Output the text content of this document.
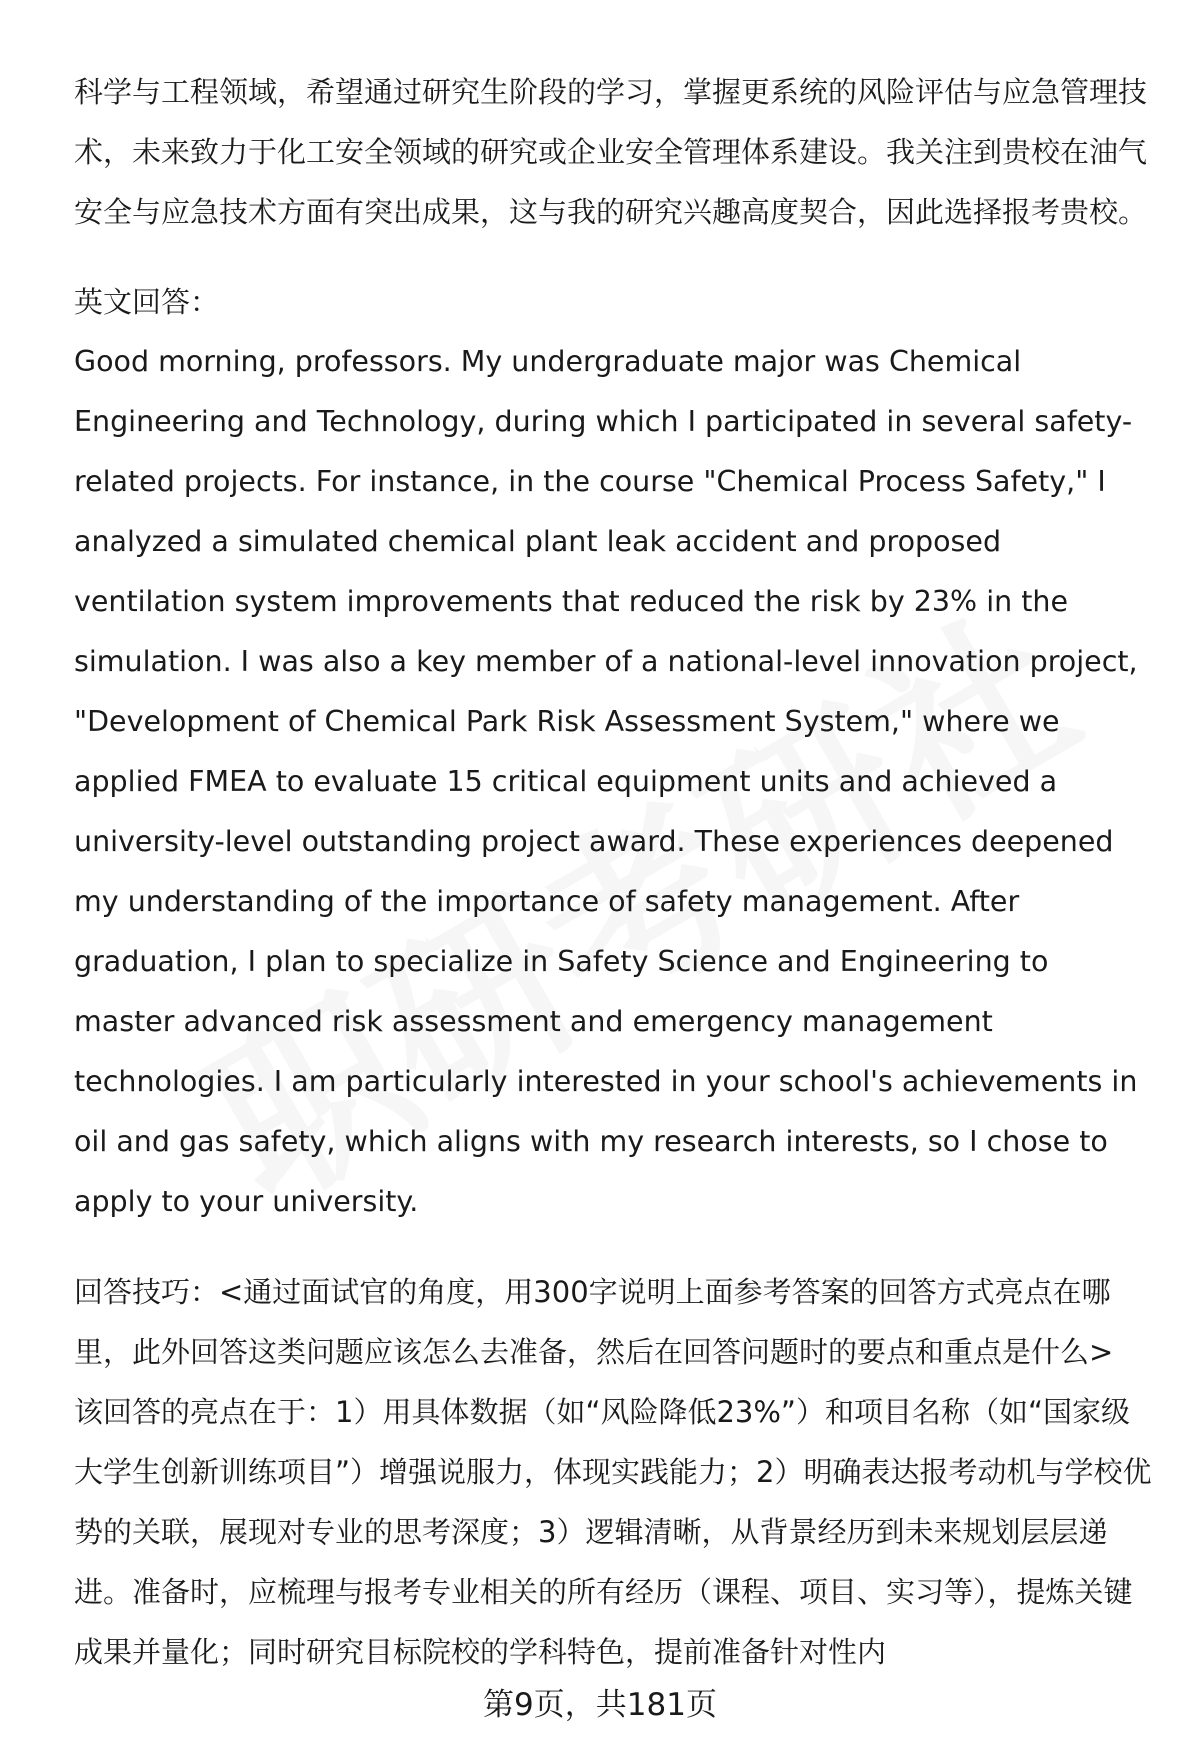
科学与工程领域，希望通过研究生阶段的学习，掌握更系统的风险评估与应急管理技术，未来致力于化工安全领域的研究或企业安全管理体系建设。我关注到贵校在油气安全与应急技术方面有突出成果，这与我的研究兴趣高度契合，因此选择报考贵校。

英文回答：

Good morning, professors. My undergraduate major was Chemical Engineering and Technology, during which I participated in several safety-related projects. For instance, in the course "Chemical Process Safety," I analyzed a simulated chemical plant leak accident and proposed ventilation system improvements that reduced the risk by 23% in the simulation. I was also a key member of a national-level innovation project, "Development of Chemical Park Risk Assessment System," where we applied FMEA to evaluate 15 critical equipment units and achieved a university-level outstanding project award. These experiences deepened my understanding of the importance of safety management. After graduation, I plan to specialize in Safety Science and Engineering to master advanced risk assessment and emergency management technologies. I am particularly interested in your school's achievements in oil and gas safety, which aligns with my research interests, so I chose to apply to your university.

回答技巧：<通过面试官的角度，用300字说明上面参考答案的回答方式亮点在哪里，此外回答这类问题应该怎么去准备，然后在回答问题时的要点和重点是什么>

该回答的亮点在于：1）用具体数据（如“风险降低23%”）和项目名称（如“国家级大学生创新训练项目”）增强说服力，体现实践能力；2）明确表达报考动机与学校优势的关联，展现对专业的思考深度；3）逻辑清晰，从背景经历到未来规划层层递进。准备时，应梳理与报考专业相关的所有经历（课程、项目、实习等），提炼关键成果并量化；同时研究目标院校的学科特色，提前准备针对性内

第9页，共181页
